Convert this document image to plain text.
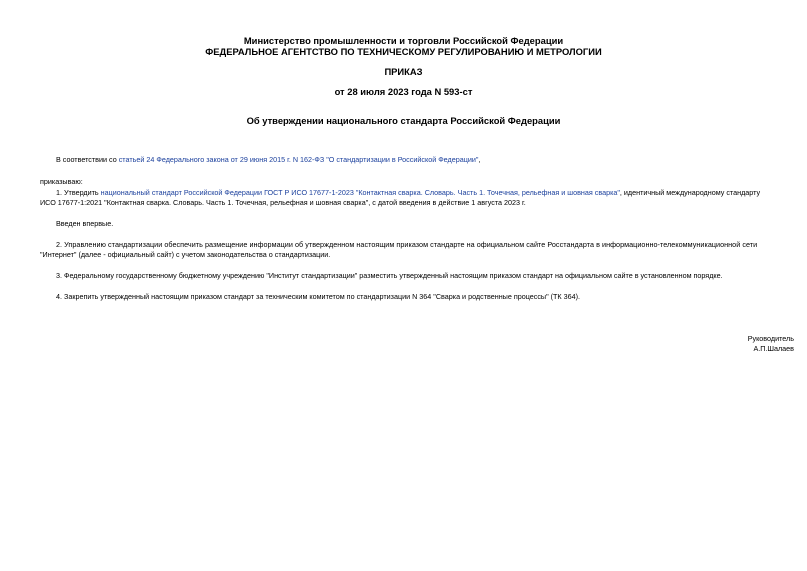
Министерство промышленности и торговли Российской Федерации
ФЕДЕРАЛЬНОЕ АГЕНТСТВО ПО ТЕХНИЧЕСКОМУ РЕГУЛИРОВАНИЮ И МЕТРОЛОГИИ
ПРИКАЗ
от 28 июля 2023 года N 593-ст
Об утверждении национального стандарта Российской Федерации
В соответствии со статьей 24 Федерального закона от 29 июня 2015 г. N 162-ФЗ "О стандартизации в Российской Федерации",
приказываю:
1. Утвердить национальный стандарт Российской Федерации ГОСТ Р ИСО 17677-1-2023 "Контактная сварка. Словарь. Часть 1. Точечная, рельефная и шовная сварка", идентичный международному стандарту
ИСО 17677-1:2021 "Контактная сварка. Словарь. Часть 1. Точечная, рельефная и шовная сварка", с датой введения в действие 1 августа 2023 г.
Введен впервые.
2. Управлению стандартизации обеспечить размещение информации об утвержденном настоящим приказом стандарте на официальном сайте Росстандарта в информационно-телекоммуникационной сети
"Интернет" (далее - официальный сайт) с учетом законодательства о стандартизации.
3. Федеральному государственному бюджетному учреждению "Институт стандартизации" разместить утвержденный настоящим приказом стандарт на официальном сайте в установленном порядке.
4. Закрепить утвержденный настоящим приказом стандарт за техническим комитетом по стандартизации N 364 "Сварка и родственные процессы" (ТК 364).
Руководитель
А.П.Шалаев
